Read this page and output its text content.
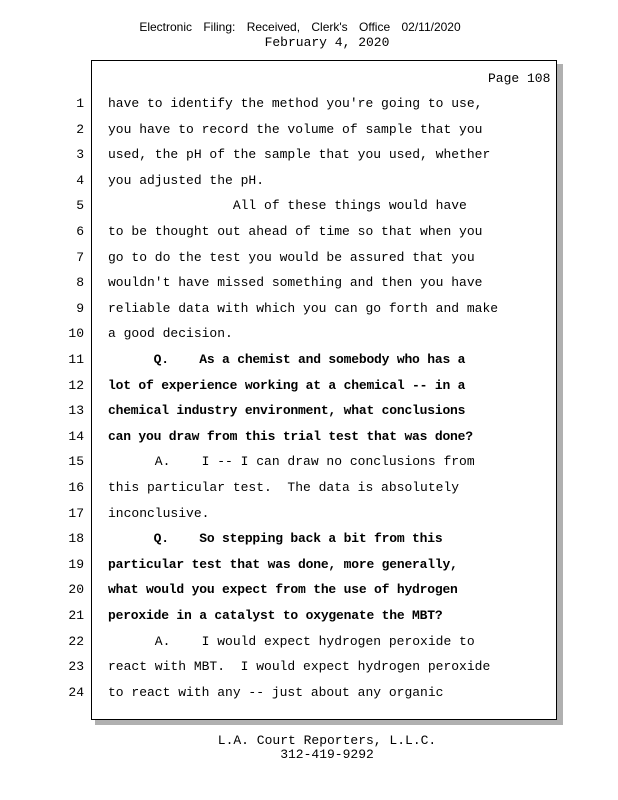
Electronic Filing: Received, Clerk's Office 02/11/2020
February 4, 2020
Page 108
1 have to identify the method you're going to use,
2 you have to record the volume of sample that you
3 used, the pH of the sample that you used, whether
4 you adjusted the pH.
5 All of these things would have
6 to be thought out ahead of time so that when you
7 go to do the test you would be assured that you
8 wouldn't have missed something and then you have
9 reliable data with which you can go forth and make
10 a good decision.
11 Q.    As a chemist and somebody who has a
12 lot of experience working at a chemical -- in a
13 chemical industry environment, what conclusions
14 can you draw from this trial test that was done?
15 A.    I -- I can draw no conclusions from
16 this particular test.  The data is absolutely
17 inconclusive.
18 Q.    So stepping back a bit from this
19 particular test that was done, more generally,
20 what would you expect from the use of hydrogen
21 peroxide in a catalyst to oxygenate the MBT?
22 A.    I would expect hydrogen peroxide to
23 react with MBT.  I would expect hydrogen peroxide
24 to react with any -- just about any organic
L.A. Court Reporters, L.L.C.
312-419-9292
